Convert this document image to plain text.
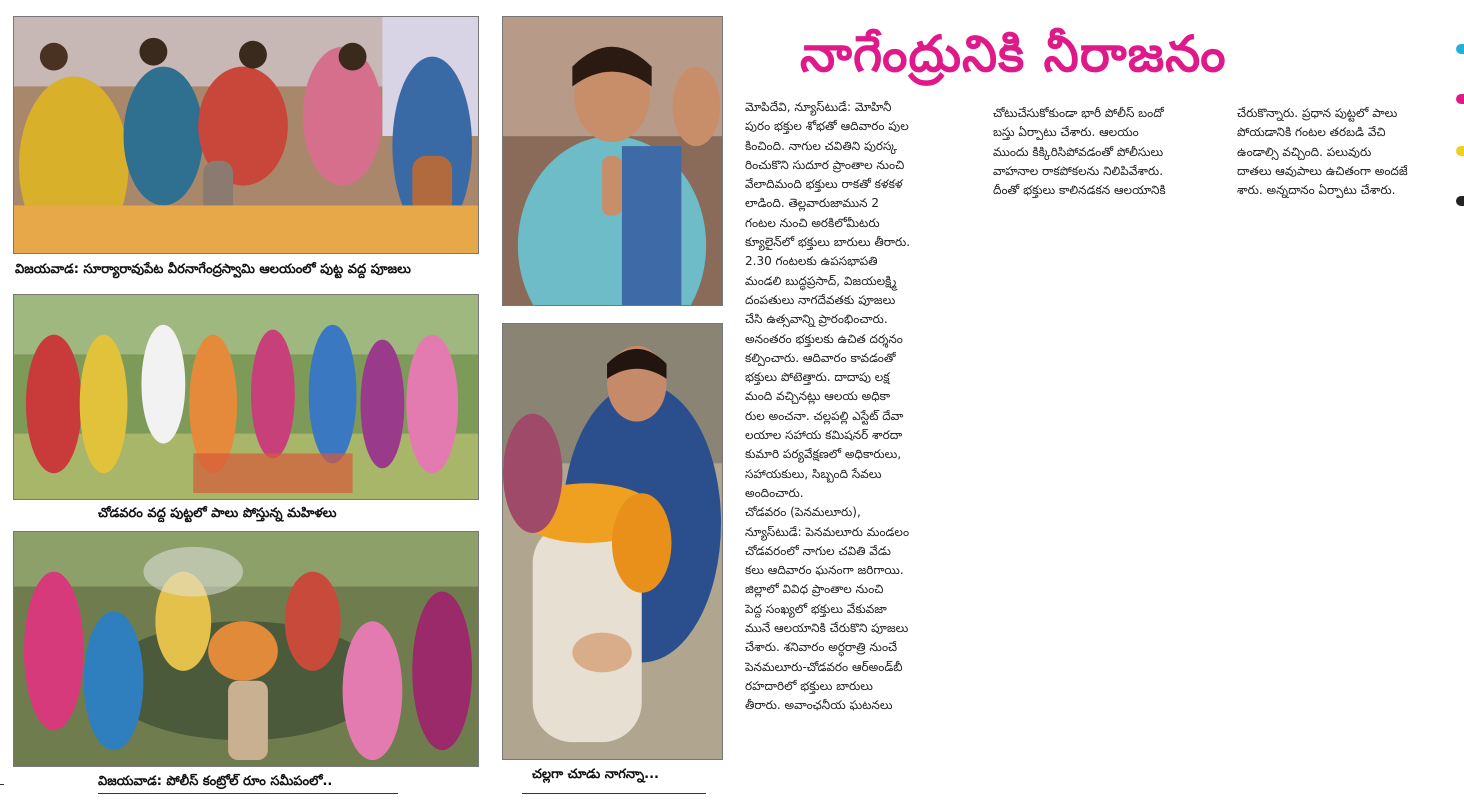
విజయవాడ: సూర్యారావుపేట వీరనాగేంద్రస్వామి ఆలయంలో పుట్ట వద్ద పూజలు
చోడవరం వద్ద పుట్టలో పాలు పోస్తున్న మహిళలు
విజయవాడ: పోలీస్ కంట్రోల్ రూం సమీపంలో..	చల్లగా చూడు నాగన్నా...
నాగేంద్రునికి నీరాజనం
మోపిదేవి, న్యూస్‌టుడే: మోహినీ
పురం భక్తుల శోభతో ఆదివారం పుల
కించింది. నాగుల చవితిని పురస్క
రించుకొని సుదూర ప్రాంతాల నుంచి
వేలాదిమంది భక్తులు రాకతో కళకళ
లాడింది. తెల్లవారుజామున 2
గంటల నుంచి అరకిలోమీటరు
క్యూలైన్‌లో భక్తులు బారులు తీరారు.
2.30 గంటలకు ఉపసభాపతి
మండలి బుద్ధప్రసాద్, విజయలక్ష్మి
దంపతులు నాగదేవతకు పూజలు
చేసి ఉత్సవాన్ని ప్రారంభించారు.
అనంతరం భక్తులకు ఉచిత దర్శనం
కల్పించారు. ఆదివారం కావడంతో
భక్తులు పోటెత్తారు. దాదాపు లక్ష
మంది వచ్చినట్లు ఆలయ అధికా
రుల అంచనా. చల్లపల్లి ఎస్టేట్ దేవా
లయాల సహాయ కమిషనర్ శారదా
కుమారి పర్యవేక్షణలో అధికారులు,
సహాయకులు, సిబ్బంది సేవలు
అందించారు.
చోడవరం (పెనమలూరు),
న్యూస్‌టుడే: పెనమలూరు మండలం
చోడవరంలో నాగుల చవితి వేడు
కలు ఆదివారం ఘనంగా జరిగాయి.
జిల్లాలో వివిధ ప్రాంతాల నుంచి
పెద్ద సంఖ్యలో భక్తులు వేకువజా
మునే ఆలయానికి చేరుకొని పూజలు
చేశారు. శనివారం అర్ధరాత్రి నుంచే
పెనమలూరు-చోడవరం ఆర్‌అండ్‌బీ
రహదారిలో భక్తులు బారులు
తీరారు. అవాంఛనీయ ఘటనలు
చోటుచేసుకోకుండా భారీ పోలీస్ బందో
బస్తు ఏర్పాటు చేశారు. ఆలయం
ముందు కిక్కిరిసిపోవడంతో పోలీసులు
వాహనాల రాకపోకలను నిలిపివేశారు.
దీంతో భక్తులు కాలినడకన ఆలయానికి
చేరుకొన్నారు. ప్రధాన పుట్టలో పాలు
పోయడానికి గంటల తరబడి వేచి
ఉండాల్సి వచ్చింది. పలువురు
దాతలు ఆవుపాలు ఉచితంగా అందజే
శారు. అన్నదానం ఏర్పాటు చేశారు.
